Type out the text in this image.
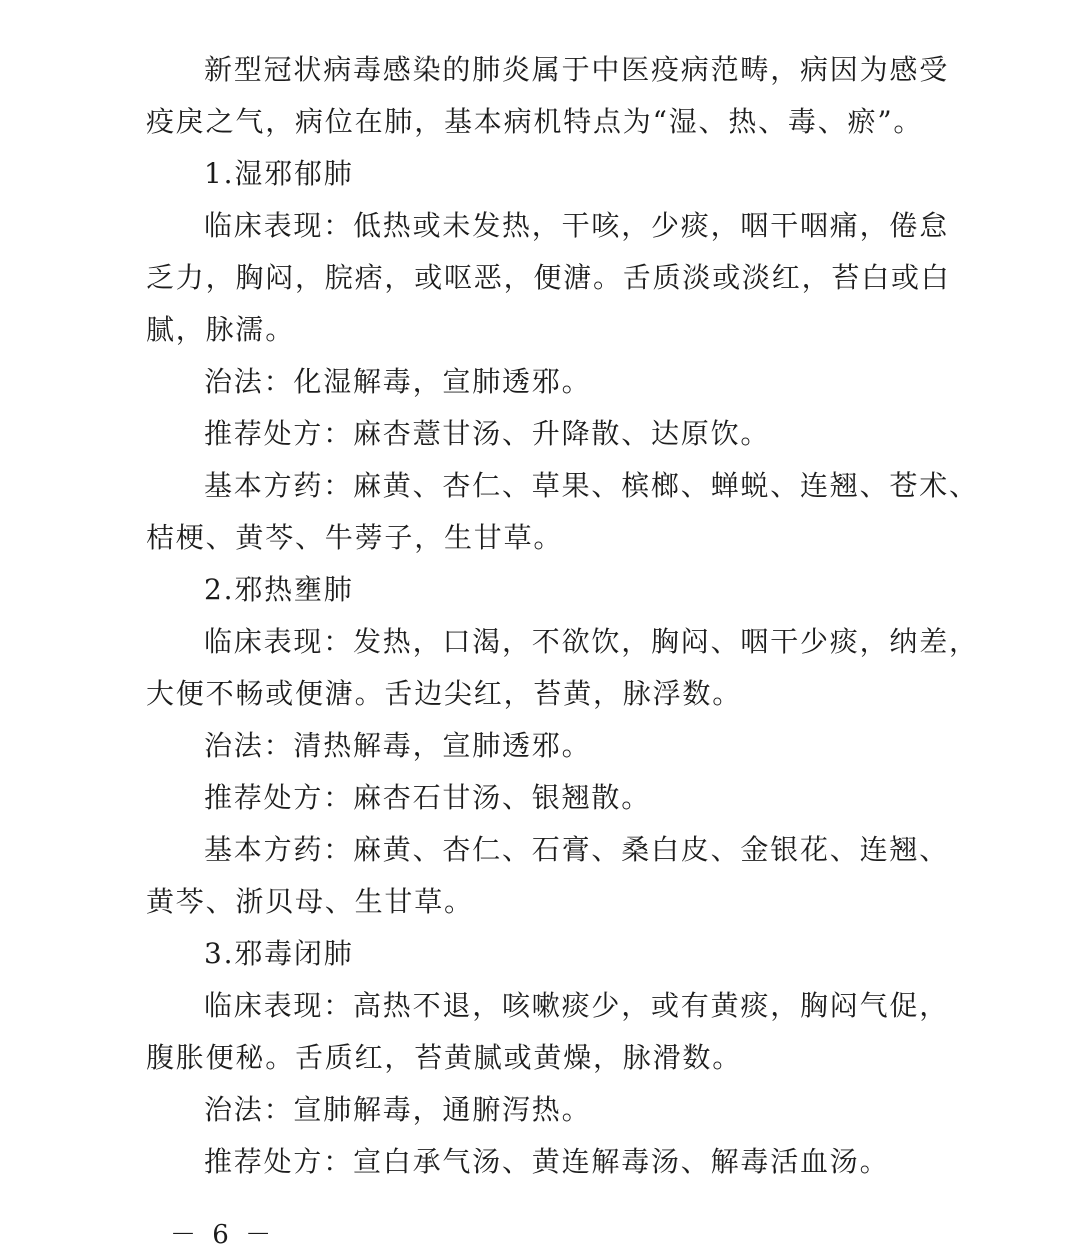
新型冠状病毒感染的肺炎属于中医疫病范畴，病因为感受
疫戾之气，病位在肺，基本病机特点为“湿、热、毒、瘀”。
1.湿邪郁肺
临床表现：低热或未发热，干咳，少痰，咽干咽痛，倦怠
乏力，胸闷，脘痞，或呕恶，便溏。舌质淡或淡红，苔白或白
腻，脉濡。
治法：化湿解毒，宣肺透邪。
推荐处方：麻杏薏甘汤、升降散、达原饮。
基本方药：麻黄、杏仁、草果、槟榔、蝉蜕、连翘、苍术、
桔梗、黄芩、牛蒡子，生甘草。
2.邪热壅肺
临床表现：发热，口渴，不欲饮，胸闷、咽干少痰，纳差，
大便不畅或便溏。舌边尖红，苔黄，脉浮数。
治法：清热解毒，宣肺透邪。
推荐处方：麻杏石甘汤、银翘散。
基本方药：麻黄、杏仁、石膏、桑白皮、金银花、连翘、
黄芩、浙贝母、生甘草。
3.邪毒闭肺
临床表现：高热不退，咳嗽痰少，或有黄痰，胸闷气促，
腹胀便秘。舌质红，苔黄腻或黄燥，脉滑数。
治法：宣肺解毒，通腑泻热。
推荐处方：宣白承气汤、黄连解毒汤、解毒活血汤。
－ 6 －
